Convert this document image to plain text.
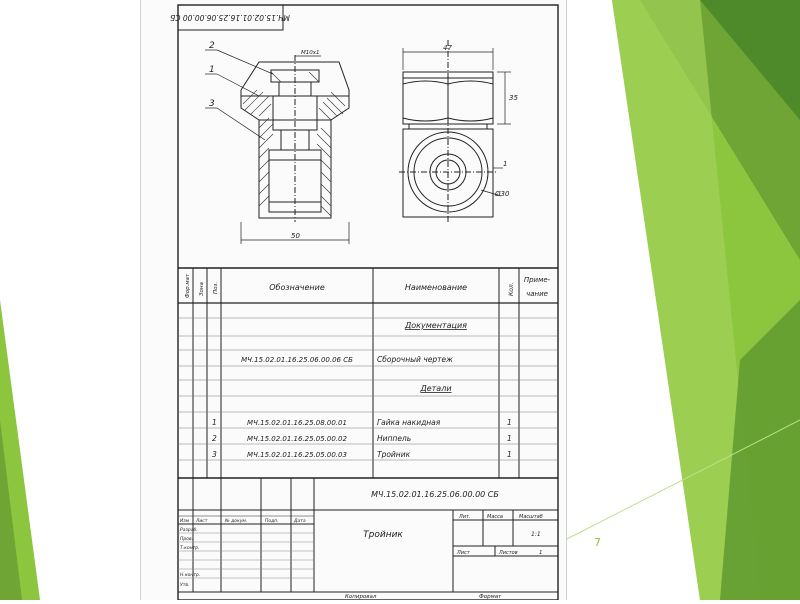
МЧ.15.02.01.16.25.06.00.00 СБ
2
1
3
50
M10x1
47
35
Ø30
1
Фор.мат Зона Поз.	Обозначение	Наименование	Кол.
Приме-
чание
Документация
МЧ.15.02.01.16.25.06.00.06 СБ	Сборочный чертеж
Детали
1	МЧ.15.02.01.16.25.08.00.01	Гайка накидная	1
2	МЧ.15.02.01.16.25.05.00.02	Ниппель	1
3	МЧ.15.02.01.16.25.05.00.03	Тройник	1
МЧ.15.02.01.16.25.06.00.00 СБ
Тройник
Лит.	Масса	Масштаб
1:1
Лист	Листов	1
Изм Лист	№ докум.	Подп.	Дата
Разраб.
Пров.
Т.контр.
Н.контр.
Утв.
Копировал	Формат
7
